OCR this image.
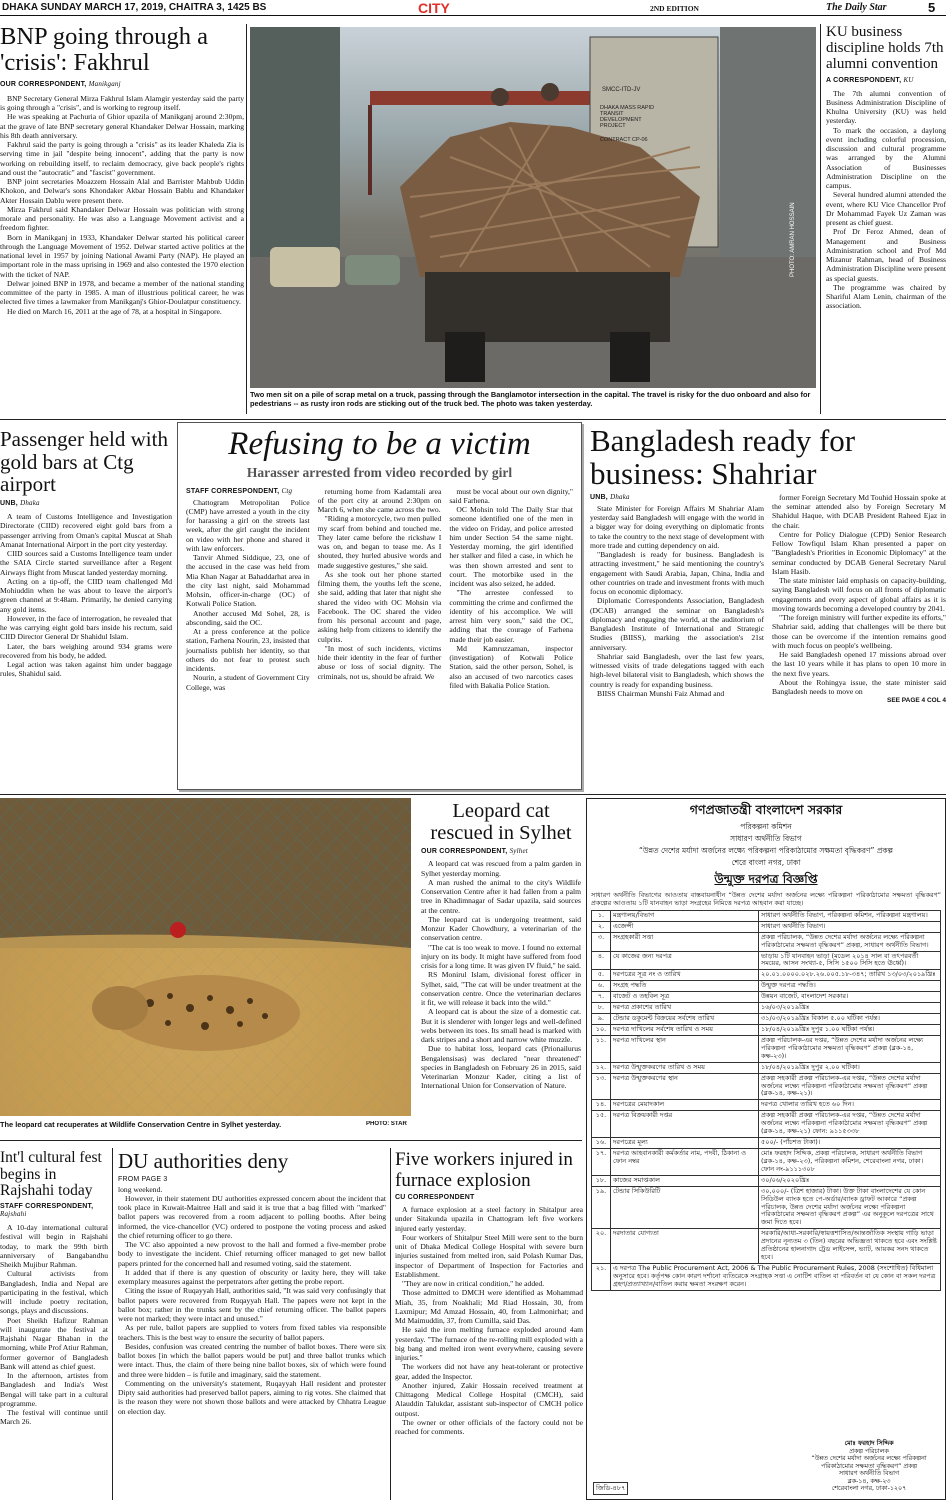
DHAKA SUNDAY MARCH 17, 2019, CHAITRA 3, 1425 BS	CITY	2ND EDITION	The Daily Star	5
BNP going through a 'crisis': Fakhrul
OUR CORRESPONDENT, Manikganj

BNP Secretary General Mirza Fakhrul Islam Alamgir yesterday said the party is going through a "crisis", and is working to regroup itself.

He was speaking at Pachuria of Ghior upazila of Manikganj around 2:30pm, at the grave of late BNP secretary general Khandaker Delwar Hossain, marking his 8th death anniversary.

Fakhrul said the party is going through a "crisis" as its leader Khaleda Zia is serving time in jail "despite being innocent", adding that the party is now working on rebuilding itself, to reclaim democracy, give back people's rights and oust the "autocratic" and "fascist" government.

BNP joint secretaries Moazzem Hossain Alal and Barrister Mahbub Uddin Khokon, and Delwar's sons Khondaker Akbar Hossain Bablu and Khandaker Akter Hossain Dablu were present there.

Mirza Fakhrul said Khandaker Delwar Hossain was politician with strong morale and personality. He was also a Language Movement activist and a freedom fighter.

Born in Manikganj in 1933, Khandaker Delwar started his political career through the Language Movement of 1952. Delwar started active politics at the national level in 1957 by joining National Awami Party (NAP). He played an important role in the mass uprising in 1969 and also contested the 1970 election with the ticket of NAP.

Delwar joined BNP in 1978, and became a member of the national standing committee of the party in 1985. A man of illustrious political career, he was elected five times a lawmaker from Manikganj's Ghior-Doulatpur constituency.

He died on March 16, 2011 at the age of 78, at a hospital in Singapore.

SMCC-ITD-JV
DHAKA MASS RAPID TRANSIT DEVELOPMENT PROJECT
CONTRACT CP-06
PHOTO: AMRAN HOSSAIN
Two men sit on a pile of scrap metal on a truck, passing through the Banglamotor intersection in the capital. The travel is risky for the duo onboard and also for pedestrians -- as rusty iron rods are sticking out of the truck bed. The photo was taken yesterday.
KU business discipline holds 7th alumni convention
A CORRESPONDENT, KU

The 7th alumni convention of Business Administration Discipline of Khulna University (KU) was held yesterday.

To mark the occasion, a daylong event including colorful procession, discussion and cultural programme was arranged by the Alumni Association of Businesses Administration Discipline on the campus.

Several hundred alumni attended the event, where KU Vice Chancellor Prof Dr Mohammad Fayek Uz Zaman was present as chief guest.

Prof Dr Feroz Ahmed, dean of Management and Business Administration school and Prof Md Mizanur Rahman, head of Business Administration Discipline were present as special guests.

The programme was chaired by Shariful Alam Lenin, chairman of the association.

Passenger held with gold bars at Ctg airport
UNB, Dhaka

A team of Customs Intelligence and Investigation Directorate (CIID) recovered eight gold bars from a passenger arriving from Oman's capital Muscat at Shah Amanat International Airport in the port city yesterday.

CIID sources said a Customs Intelligence team under the SAIA Circle started surveillance after a Regent Airways flight from Muscat landed yesterday morning.

Acting on a tip-off, the CIID team challenged Md Mohiuddin when he was about to leave the airport's green channel at 9:48am. Primarily, he denied carrying any gold items.

However, in the face of interrogation, he revealed that he was carrying eight gold bars inside his rectum, said CIID Director General Dr Shahidul Islam.

Later, the bars weighing around 934 grams were recovered from his body, he added.

Legal action was taken against him under baggage rules, Shahidul said.

Refusing to be a victim
Harasser arrested from video recorded by girl
STAFF CORRESPONDENT, Ctg

Chattogram Metropolitan Police (CMP) have arrested a youth in the city for harassing a girl on the streets last week, after the girl caught the incident on video with her phone and shared it with law enforcers.

Tanvir Ahmed Siddique, 23, one of the accused in the case was held from Mia Khan Nagar at Bahaddarhat area in the city last night, said Mohammad Mohsin, officer-in-charge (OC) of Kotwali Police Station.

Another accused Md Sohel, 28, is absconding, said the OC.

At a press conference at the police station, Farhena Nourin, 23, insisted that journalists publish her identity, so that others do not fear to protest such incidents.

Nourin, a student of Government City College, was

returning home from Kadamtali area of the port city at around 2:30pm on March 6, when she came across the two.

"Riding a motorcycle, two men pulled my scarf from behind and touched me. They later came before the rickshaw I was on, and began to tease me. As I shouted, they hurled abusive words and made suggestive gestures," she said.

As she took out her phone started filming them, the youths left the scene, she said, adding that later that night she shared the video with OC Mohsin via Facebook. The OC shared the video from his personal account and page, asking help from citizens to identify the culprits.

"In most of such incidents, victims hide their identity in the fear of further abuse or loss of social dignity. The criminals, not us, should be afraid. We

must be vocal about our own dignity," said Farhena.

OC Mohsin told The Daily Star that someone identified one of the men in the video on Friday, and police arrested him under Section 54 the same night. Yesterday morning, the girl identified her stalker and filed a case, in which he was then shown arrested and sent to court. The motorbike used in the incident was also seized, he added.

"The arrestee confessed to committing the crime and confirmed the identity of his accomplice. We will arrest him very soon," said the OC, adding that the courage of Farhena made their job easier.

Md Kamruzzaman, inspector (investigation) of Kotwali Police Station, said the other person, Sohel, is also an accused of two narcotics cases filed with Bakalia Police Station.

Bangladesh ready for business: Shahriar
UNB, Dhaka

State Minister for Foreign Affairs M Shahriar Alam yesterday said Bangladesh will engage with the world in a bigger way for doing everything on diplomatic fronts to take the country to the next stage of development with more trade and cutting dependency on aid.

"Bangladesh is ready for business. Bangladesh is attracting investment," he said mentioning the country's engagement with Saudi Arabia, Japan, China, India and other countries on trade and investment fronts with much focus on economic diplomacy.

Diplomatic Correspondents Association, Bangladesh (DCAB) arranged the seminar on Bangladesh's diplomacy and engaging the world, at the auditorium of Bangladesh Institute of International and Strategic Studies (BIISS), marking the association's 21st anniversary.

Shahriar said Bangladesh, over the last few years, witnessed visits of trade delegations tagged with each high-level bilateral visit to Bangladesh, which shows the country is ready for expanding business.

BIISS Chairman Munshi Faiz Ahmad and

former Foreign Secretary Md Touhid Hossain spoke at the seminar attended also by Foreign Secretary M Shahidul Haque, with DCAB President Raheed Ejaz in the chair.

Centre for Policy Dialogue (CPD) Senior Research Fellow Towfiqul Islam Khan presented a paper on "Bangladesh's Priorities in Economic Diplomacy" at the seminar conducted by DCAB General Secretary Narul Islam Hasib.

The state minister laid emphasis on capacity-building, saying Bangladesh will focus on all fronts of diplomatic engagements and every aspect of global affairs as it is moving towards becoming a developed country by 2041.

"The foreign ministry will further expedite its efforts," Shahriar said, adding that challenges will be there but those can be overcome if the intention remains good with much focus on people's wellbeing.

He said Bangladesh opened 17 missions abroad over the last 10 years while it has plans to open 10 more in the next five years.

About the Rohingya issue, the state minister said Bangladesh needs to move on

SEE PAGE 4 COL 4
The leopard cat recuperates at Wildlife Conservation Centre in Sylhet yesterday.	PHOTO: STAR
Leopard cat rescued in Sylhet
OUR CORRESPONDENT, Sylhet

A leopard cat was rescued from a palm garden in Sylhet yesterday morning.

A man rushed the animal to the city's Wildlife Conservation Centre after it had fallen from a palm tree in Khadimnagar of Sadar upazila, said sources at the centre.

The leopard cat is undergoing treatment, said Monzur Kader Chowdhury, a veterinarian of the conservation centre.

"The cat is too weak to move. I found no external injury on its body. It might have suffered from food crisis for a long time. It was given IV fluid," he said.

RS Monirul Islam, divisional forest officer in Sylhet, said, "The cat will be under treatment at the conservation centre. Once the veterinarian declares it fit, we will release it back into the wild."

A leopard cat is about the size of a domestic cat. But it is slenderer with longer legs and well-defined webs between its toes. Its small head is marked with dark stripes and a short and narrow white muzzle.

Due to habitat loss, leopard cats (Prionailurus Bengalensisas) was declared "near threatened" species in Bangladesh on February 26 in 2015, said Veterinarian Monzur Kader, citing a list of International Union for Conservation of Nature.

গণপ্রজাতন্ত্রী বাংলাদেশ সরকার
পরিকল্পনা কমিশন
সাধারণ অর্থনীতি বিভাগ
“উন্নত দেশের মর্যাদা অর্জনের লক্ষ্যে পরিকল্পনা পরিকাঠামোর সক্ষমতা বৃদ্ধিকরণ” প্রকল্প
শেরে বাংলা নগর, ঢাকা
উন্মুক্ত দরপত্র বিজ্ঞপ্তি
সাধারণ অর্থনীতি বিভাগের আওতায় বাস্তবায়নাধীন “উন্নত দেশের মর্যাদা অর্জনের লক্ষ্যে পরিকল্পনা পরিকাঠামোর সক্ষমতা বৃদ্ধিকরণ” প্রকল্পের আওতায় ১টি যানবাহন ভাড়া সংগ্রহের নিমিত্তে দরপত্র আহবান করা যাচ্ছে।
১.	মন্ত্রণালয়/বিভাগ	সাধারণ অর্থনীতি বিভাগ, পরিকল্পনা কমিশন, পরিকল্পনা মন্ত্রণালয়।
২.	এজেন্সী	সাধারণ অর্থনীতি বিভাগ।
৩.	সংগ্রহকারী সত্তা	প্রকল্প পরিচালক, “উন্নত দেশের মর্যাদা অর্জনের লক্ষ্যে পরিকল্পনা পরিকাঠামোর সক্ষমতা বৃদ্ধিকরণ” প্রকল্প, সাধারণ অর্থনীতি বিভাগ।
৪.	যে কাজের জন্য দরপত্র	ভাড়ায় ১টি যানবাহন ভাড়া (মডেল ২০১৪ সাল বা তৎপরবর্তী সময়ের, আসন সংখ্যা-৫, সিসি ১৫০০ সিসি হতে ঊর্ধ্বে)।
৫.	দরপত্রের সূত্র নং ও তারিখ	২০.০১.০০০০.০২৮.২৬.০০৫.১৮-৩৪৭; তারিখ ১৩/০৩/২০১৯খ্রিঃ
৬.	সংগ্রহ পদ্ধতি	উন্মুক্ত দরপত্র পদ্ধতি।
৭.	বাজেট ও তহবিল সূত্র	উন্নয়ন বাজেট, বাংলাদেশ সরকার।
৮.	দরপত্র প্রকাশের তারিখ	১৬/০৩/২০১৯খ্রিঃ
৯.	টেন্ডার ডকুমেন্ট বিক্রয়ের সর্বশেষ তারিখ	৩১/০৩/২০১৯খ্রিঃ বিকাল ৫.০০ ঘটিকা পর্যন্ত।
১০.	দরপত্র দাখিলের সর্বশেষ তারিখ ও সময়	১৮/০৪/২০১৯খ্রিঃ দুপুর ১.০০ ঘটিকা পর্যন্ত।
১১.	দরপত্র দাখিলের স্থান	প্রকল্প পরিচালক-এর দপ্তর, “উন্নত দেশের মর্যাদা অর্জনের লক্ষ্যে পরিকল্পনা পরিকাঠামোর সক্ষমতা বৃদ্ধিকরণ” প্রকল্প (ব্লক-১৪, কক্ষ-২৩)।
১২.	দরপত্র উন্মুক্তকরণের তারিখ ও সময়	১৮/০৪/২০১৯খ্রিঃ দুপুর ২.০০ ঘটিকা।
১৩.	দরপত্র উন্মুক্তকরণের স্থান	প্রকল্প সহকারী প্রকল্প পরিচালক-এর দপ্তর, “উন্নত দেশের মর্যাদা অর্জনের লক্ষ্যে পরিকল্পনা পরিকাঠামোর সক্ষমতা বৃদ্ধিকরণ” প্রকল্প (ব্লক-১৪, কক্ষ-২১)।
১৪.	দরপত্রের মেয়াদকাল	দরপত্র খোলার তারিখ হতে ৬০ দিন।
১৫.	দরপত্র বিক্রয়কারী দপ্তর	প্রকল্প সহকারী প্রকল্প পরিচালক-এর দপ্তর, “উন্নত দেশের মর্যাদা অর্জনের লক্ষ্যে পরিকল্পনা পরিকাঠামোর সক্ষমতা বৃদ্ধিকরণ” প্রকল্প (ব্লক-১৪, কক্ষ-২১) ফোন: ৯১১৫৩৩৮
১৬.	দরপত্রের মূল্য	৫০০/- (পাঁচশত টাকা)।
১৭.	দরপত্র আহবানকারী কর্মকর্তার নাম, পদবী, ঠিকানা ও ফোন নম্বর	মোঃ ফরহাদ সিদ্দিক, প্রকল্প পরিচালক, সাধারণ অর্থনীতি বিভাগ (ব্লক-১৪, কক্ষ-২৩), পরিকল্পনা কমিশন, শেরেবাংলা নগর, ঢাকা। ফোন নং-৯১১১৩০৮
১৮.	কাজের সমাপ্তকাল	৩০/০৬/২০২০খ্রিঃ
১৯.	টেন্ডার সিকিউরিটি	৩০,০০০/- (ত্রিশ হাজার) টাকা। উক্ত টাকা বাংলাদেশের যে কোন সিডিউল ব্যাংক হতে পে-অর্ডার/ব্যাংক ড্রাফট আকারে “প্রকল্প পরিচালক, উন্নত দেশের মর্যাদা অর্জনের লক্ষ্যে পরিকল্পনা পরিকাঠামোর সক্ষমতা বৃদ্ধিকরণ প্রকল্প” এর অনুকূলে দরপত্রের সাথে জমা দিতে হবে।
২০.	দরদাতার যোগ্যতা	সরকারি/আধা-সরকারি/স্বায়ত্তশাসিত/আন্তর্জাতিক সংস্থায় গাড়ি ভাড়া প্রদানের নূন্যতম ৩ (তিন) বছরের অভিজ্ঞতা থাকতে হবে এবং সংশ্লিষ্ট প্রতিষ্ঠানের হালনাগাদ ট্রেড লাইসেন্স, ভ্যাট, আয়কর সনদ থাকতে হবে।
২১.	এ দরপত্র The Public Procurement Act, 2006 & The Public Procurement Rules, 2008 (সংশোধিত) বিধিমালা অনুসারে হবে। কর্তৃপক্ষ কোন কারণ দর্শানো ব্যতিরেকে সংগ্রাহক সত্তা এ নোটিশ বাতিল বা পরিবর্তন বা যে কোন বা সকল দরপত্র গ্রহণ/প্রত্যাখ্যান/বাতিল করার ক্ষমতা সংরক্ষণ করেন।	
মোঃ ফরহাদ সিদ্দিক
প্রকল্প পরিচালক
“উন্নত দেশের মর্যাদা অর্জনের লক্ষ্যে পরিকল্পনা পরিকাঠামোর সক্ষমতা বৃদ্ধিকরণ” প্রকল্প
সাধারণ অর্থনীতি বিভাগ
ব্লক-১৪, কক্ষ-২৩
শেরেবাংলা নগর, ঢাকা-১২০৭
জিডি-৪৮৭
Int'l cultural fest begins in Rajshahi today
STAFF CORRESPONDENT, Rajshahi

A 10-day international cultural festival will begin in Rajshahi today, to mark the 99th birth anniversary of Bangabandhu Sheikh Mujibur Rahman.

Cultural activists from Bangladesh, India and Nepal are participating in the festival, which will include poetry recitation, songs, plays and discussions.

Poet Sheikh Hafizur Rahman will inaugurate the festival at Rajshahi Nagar Bhaban in the morning, while Prof Atiur Rahman, former governor of Bangladesh Bank will attend as chief guest.

In the afternoon, artistes from Bangladesh and India's West Bengal will take part in a cultural programme.

The festival will continue until March 26.

DU authorities deny
FROM PAGE 3

long weekend.

However, in their statement DU authorities expressed concern about the incident that took place in Kuwait-Maitree Hall and said it is true that a bag filled with "marked" ballot papers was recovered from a room adjacent to polling booths. After being informed, the vice-chancellor (VC) ordered to postpone the voting process and asked the chief returning officer to go there.

The VC also appointed a new provost to the hall and formed a five-member probe body to investigate the incident. Chief returning officer managed to get new ballot papers printed for the concerned hall and resumed voting, said the statement.

It added that if there is any question of obscurity or laxity here, they will take exemplary measures against the perpetrators after getting the probe report.

Citing the issue of Ruqayyah Hall, authorities said, "It was said very confusingly that ballot papers were recovered from Ruqayyah Hall. The papers were not kept in the ballot box; rather in the trunks sent by the chief returning officer. The ballot papers were not marked; they were intact and unused."

As per rule, ballot papers are supplied to voters from fixed tables via responsible teachers. This is the best way to ensure the security of ballot papers.

Besides, confusion was created centring the number of ballot boxes. There were six ballot boxes [in which the ballot papers would be put] and three ballot trunks which were intact. Thus, the claim of there being nine ballot boxes, six of which were found and three were hidden – is futile and imaginary, said the statement.

Commenting on the university's statement, Ruqayyah Hall resident and protester Dipty said authorities had preserved ballot papers, aiming to rig votes. She claimed that is the reason they were not shown those ballots and were attacked by Chhatra League on election day.

Five workers injured in furnace explosion
CU CORRESPONDENT

A furnace explosion at a steel factory in Shitalpur area under Sitakunda upazila in Chattogram left five workers injured early yesterday.

Four workers of Shitalpur Steel Mill were sent to the burn unit of Dhaka Medical College Hospital with severe burn injuries sustained from melted iron, said Polash Kumar Das, inspector of Department of Inspection for Factories and Establishment.

"They are now in critical condition," he added.

Those admitted to DMCH were identified as Mohammad Miah, 35, from Noakhali; Md Riad Hossain, 30, from Laxmipur; Md Amzad Hossain, 40, from Lalmonirhat; and Md Maimuddin, 37, from Cumilla, said Das.

He said the iron melting furnace exploded around 4am yesterday. "The furnace of the re-rolling mill exploded with a big bang and melted iron went everywhere, causing severe injuries."

The workers did not have any heat-tolerant or protective gear, added the Inspector.

Another injured, Zakir Hossain received treatment at Chittagong Medical College Hospital (CMCH), said Alauddin Talukdar, assistant sub-inspector of CMCH police outpost.

The owner or other officials of the factory could not be reached for comments.
